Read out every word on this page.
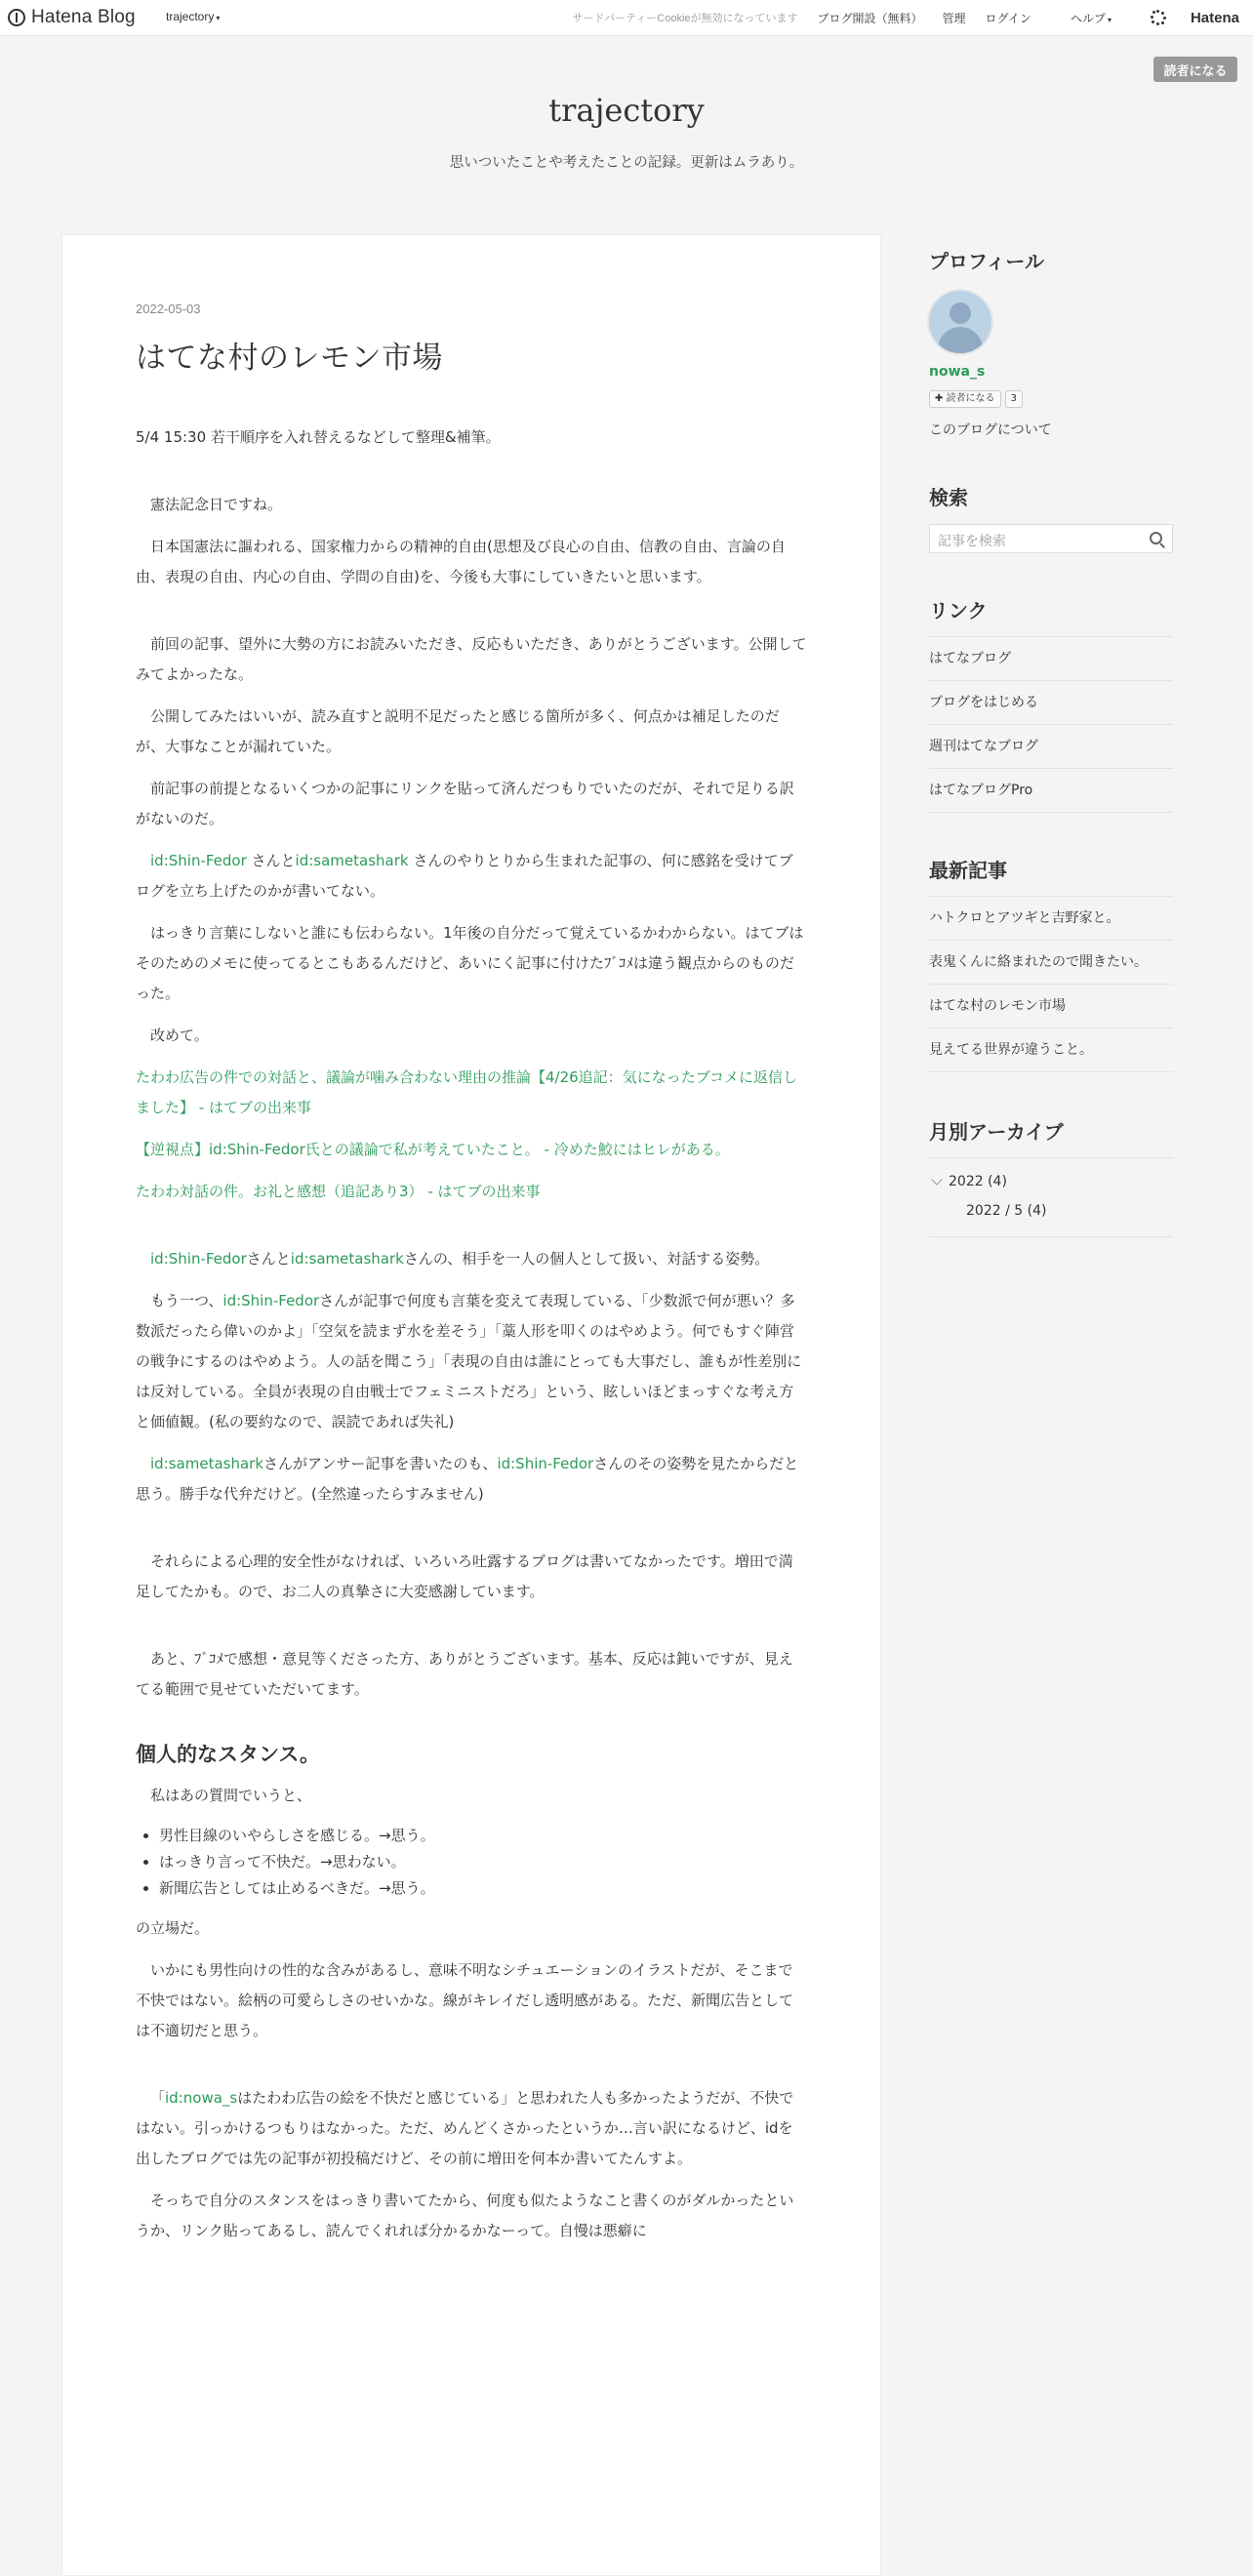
Hatena Blog	trajectory ▾	サードパーティーCookieが無効になっています ブログ開設（無料） 管理 ログイン	ヘルプ ▾	Hatena
読者になる
trajectory
思いついたことや考えたことの記録。更新はムラあり。
2022-05-03
はてな村のレモン市場

5/4 15:30 若干順序を入れ替えるなどして整理&補筆。

憲法記念日ですね。

日本国憲法に謳われる、国家権力からの精神的自由(思想及び良心の自由、信教の自由、言論の自由、表現の自由、内心の自由、学問の自由)を、今後も大事にしていきたいと思います。

前回の記事、望外に大勢の方にお読みいただき、反応もいただき、ありがとうございます。公開してみてよかったな。

公開してみたはいいが、読み直すと説明不足だったと感じる箇所が多く、何点かは補足したのだが、大事なことが漏れていた。

前記事の前提となるいくつかの記事にリンクを貼って済んだつもりでいたのだが、それで足りる訳がないのだ。

id:Shin-Fedor さんとid:sametashark さんのやりとりから生まれた記事の、何に感銘を受けてブログを立ち上げたのかが書いてない。

はっきり言葉にしないと誰にも伝わらない。1年後の自分だって覚えているかわからない。はてブはそのためのメモに使ってるとこもあるんだけど、あいにく記事に付けたﾌﾞｺﾒは違う観点からのものだった。

改めて。

たわわ広告の件での対話と、議論が噛み合わない理由の推論【4/26追記：気になったブコメに返信しました】 - はてブの出来事

【逆視点】id:Shin-Fedor氏との議論で私が考えていたこと。 - 冷めた鮫にはヒレがある。

たわわ対話の件。お礼と感想（追記あり3） - はてブの出来事

id:Shin-Fedorさんとid:sametasharkさんの、相手を一人の個人として扱い、対話する姿勢。

もう一つ、id:Shin-Fedorさんが記事で何度も言葉を変えて表現している、「少数派で何が悪い？多数派だったら偉いのかよ」「空気を読まず水を差そう」「藁人形を叩くのはやめよう。何でもすぐ陣営の戦争にするのはやめよう。人の話を聞こう」「表現の自由は誰にとっても大事だし、誰もが性差別には反対している。全員が表現の自由戦士でフェミニストだろ」という、眩しいほどまっすぐな考え方と価値観。(私の要約なので、誤読であれば失礼)

id:sametasharkさんがアンサー記事を書いたのも、id:Shin-Fedorさんのその姿勢を見たからだと思う。勝手な代弁だけど。(全然違ったらすみません)

それらによる心理的安全性がなければ、いろいろ吐露するブログは書いてなかったです。増田で満足してたかも。ので、お二人の真摯さに大変感謝しています。

あと、ﾌﾞｺﾒで感想・意見等くださった方、ありがとうございます。基本、反応は鈍いですが、見えてる範囲で見せていただいてます。

個人的なスタンス。

私はあの質問でいうと、

• 男性目線のいやらしさを感じる。→思う。
• はっきり言って不快だ。→思わない。
• 新聞広告としては止めるべきだ。→思う。

の立場だ。

いかにも男性向けの性的な含みがあるし、意味不明なシチュエーションのイラストだが、そこまで不快ではない。絵柄の可愛らしさのせいかな。線がキレイだし透明感がある。ただ、新聞広告としては不適切だと思う。

「id:nowa_sはたわわ広告の絵を不快だと感じている」と思われた人も多かったようだが、不快ではない。引っかけるつもりはなかった。ただ、めんどくさかったというか…言い訳になるけど、idを出したブログでは先の記事が初投稿だけど、その前に増田を何本か書いてたんすよ。

そっちで自分のスタンスをはっきり書いてたから、何度も似たようなこと書くのがダルかったというか、リンク貼ってあるし、読んでくれれば分かるかなーって。自慢は悪癖に

プロフィール
nowa_s
✚ 読者になる	3
このブログについて
検索
記事を検索
リンク
はてなブログ
ブログをはじめる
週刊はてなブログ
はてなブログPro
最新記事
ハトクロとアツギと吉野家と。
表鬼くんに絡まれたので聞きたい。
はてな村のレモン市場
見えてる世界が違うこと。
月別アーカイブ
2022 (4)
2022 / 5 (4)
